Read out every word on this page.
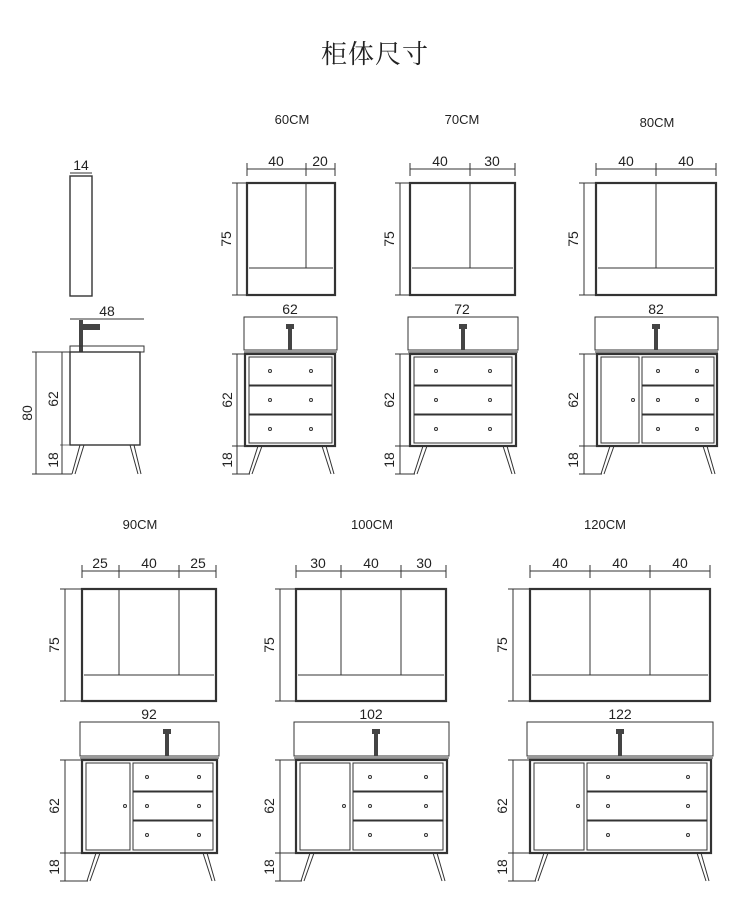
柜体尺寸
14
48
80
62
18
60CM
40 20
75
62
62
18
70CM
40	30
75
72
62
18
80CM
40	40
75
82
62
18
90CM
25 40 25
75
92
62
18
100CM
30	40	30
75
102
62
18
120CM
40	40	40
75
122
62
18
